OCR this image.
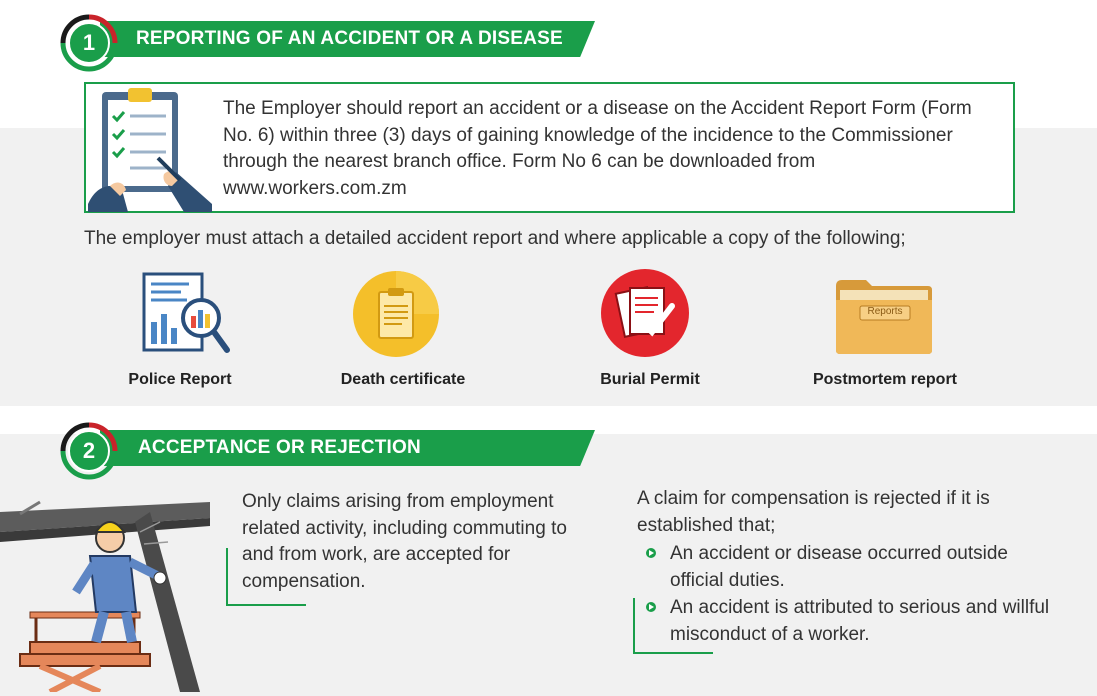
1	REPORTING OF AN ACCIDENT OR A DISEASE
The Employer should report an accident or a disease on the Accident Report Form (Form No. 6) within three (3) days of gaining knowledge of the incidence to the Commissioner through the nearest branch office. Form No 6 can be downloaded from www.workers.com.zm
The employer must attach a detailed accident report and where applicable a copy of the following;
Police Report	Death certificate	Burial Permit
Reports
Postmortem report
2	ACCEPTANCE OR REJECTION
Only claims arising from employment related activity, including commuting to and from work, are accepted for compensation.
A claim for compensation is rejected if it is established that;
An accident or disease occurred outside official duties.
An accident is attributed to serious and willful misconduct of a worker.
